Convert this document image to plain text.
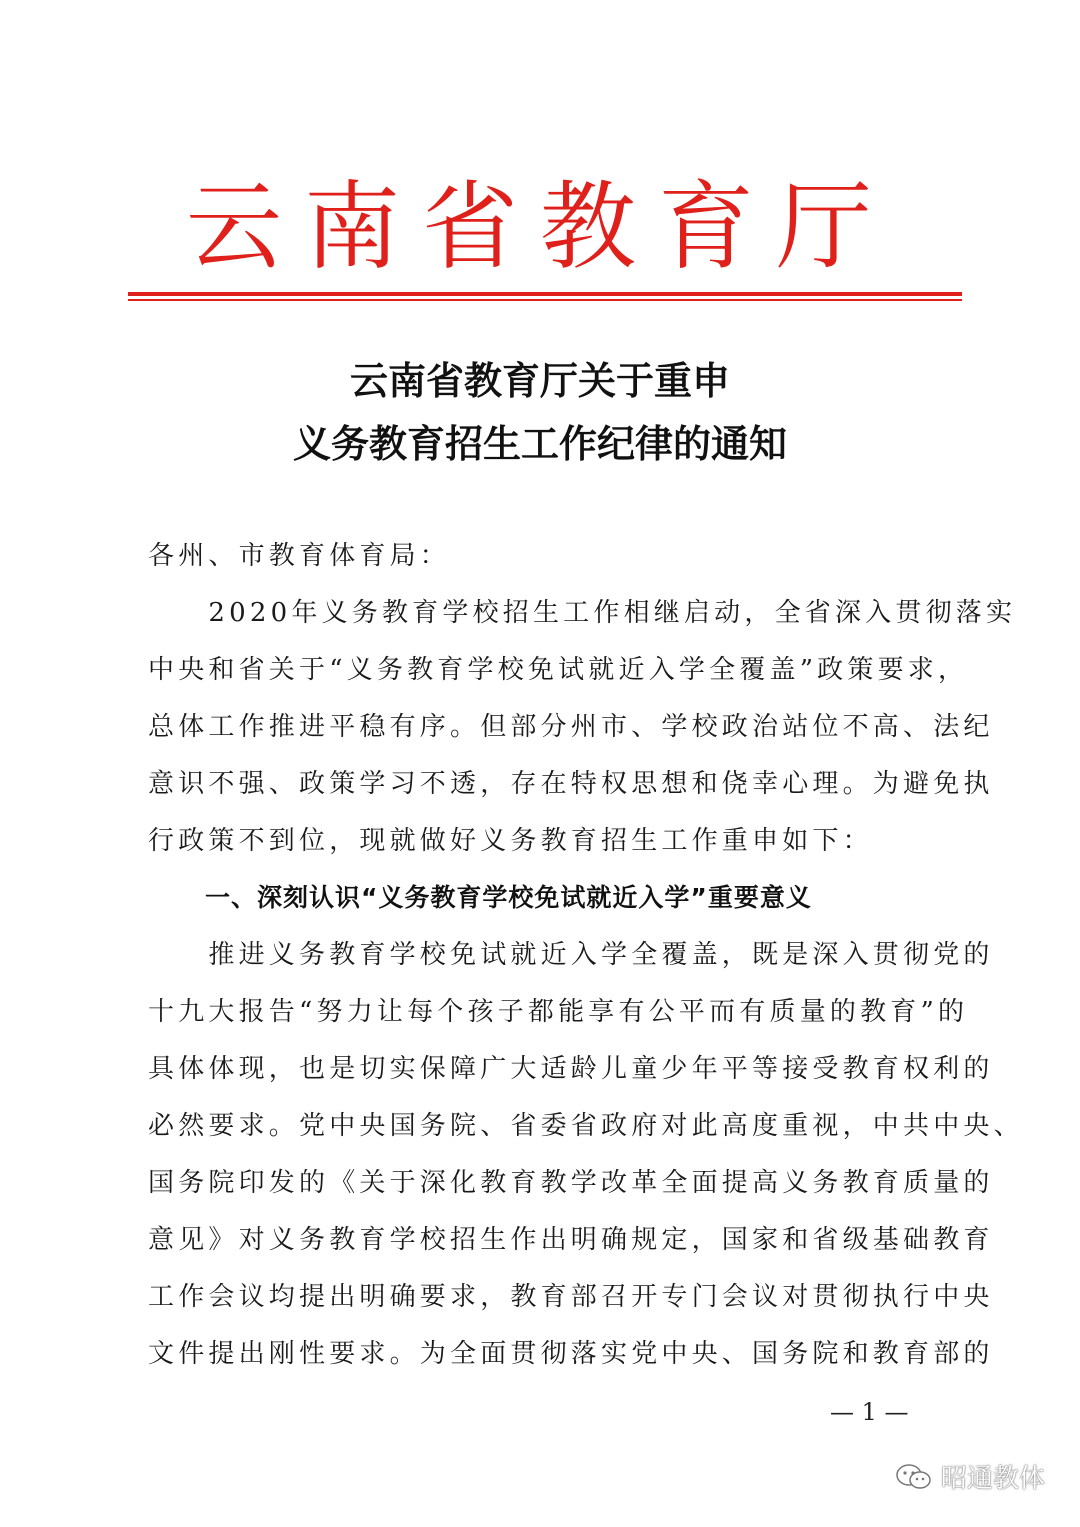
云南省教育厅
云南省教育厅关于重申
义务教育招生工作纪律的通知
各州、市教育体育局：
　　2020年义务教育学校招生工作相继启动，全省深入贯彻落实
中央和省关于“义务教育学校免试就近入学全覆盖”政策要求，
总体工作推进平稳有序。但部分州市、学校政治站位不高、法纪
意识不强、政策学习不透，存在特权思想和侥幸心理。为避免执
行政策不到位，现就做好义务教育招生工作重申如下：
一、深刻认识“义务教育学校免试就近入学”重要意义
　　推进义务教育学校免试就近入学全覆盖，既是深入贯彻党的
十九大报告“努力让每个孩子都能享有公平而有质量的教育”的
具体体现，也是切实保障广大适龄儿童少年平等接受教育权利的
必然要求。党中央国务院、省委省政府对此高度重视，中共中央、
国务院印发的《关于深化教育教学改革全面提高义务教育质量的
意见》对义务教育学校招生作出明确规定，国家和省级基础教育
工作会议均提出明确要求，教育部召开专门会议对贯彻执行中央
文件提出刚性要求。为全面贯彻落实党中央、国务院和教育部的
— 1 —
昭通教体
